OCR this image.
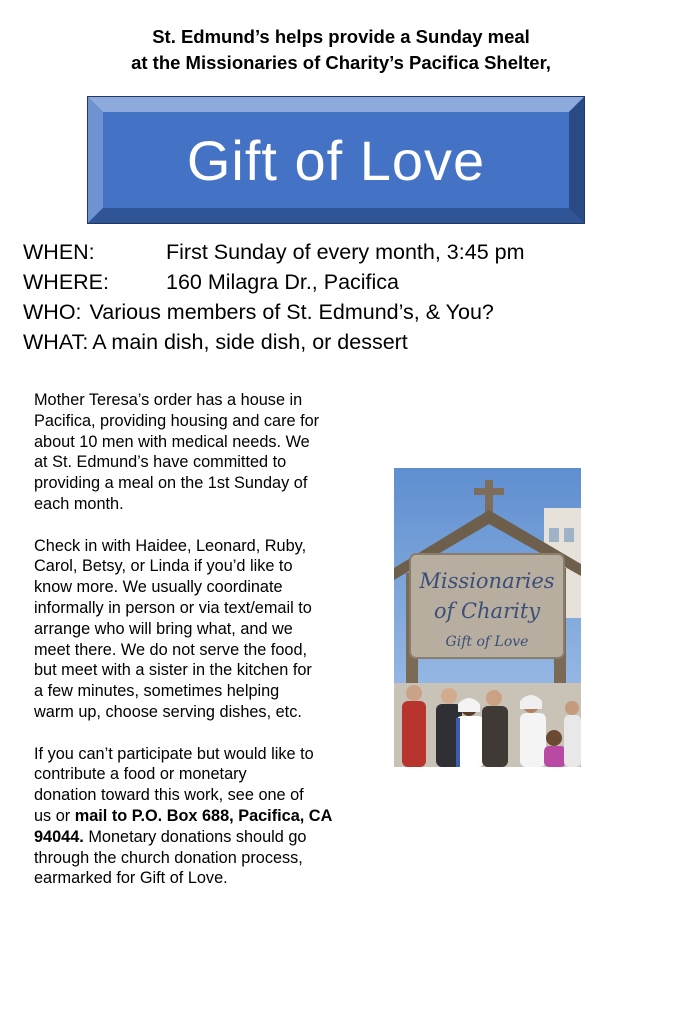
St. Edmund’s helps provide a Sunday meal
at the Missionaries of Charity’s Pacifica Shelter,
Gift of Love
WHEN:	First Sunday of every month, 3:45 pm
WHERE:	160 Milagra Dr., Pacifica
WHO: Various members of St. Edmund’s, & You?
WHAT: A main dish, side dish, or dessert

Mother Teresa’s order has a house in
Pacifica, providing housing and care for
about 10 men with medical needs. We
at St. Edmund’s have committed to
providing a meal on the 1st Sunday of
each month.

Check in with Haidee, Leonard, Ruby,
Carol, Betsy, or Linda if you’d like to
know more. We usually coordinate
informally in person or via text/email to
arrange who will bring what, and we
meet there. We do not serve the food,
but meet with a sister in the kitchen for
a few minutes, sometimes helping
warm up, choose serving dishes, etc.

If you can’t participate but would like to
contribute a food or monetary
donation toward this work, see one of
us or mail to P.O. Box 688, Pacifica, CA
94044. Monetary donations should go
through the church donation process,
earmarked for Gift of Love.

Missionaries
of Charity
Gift of Love
